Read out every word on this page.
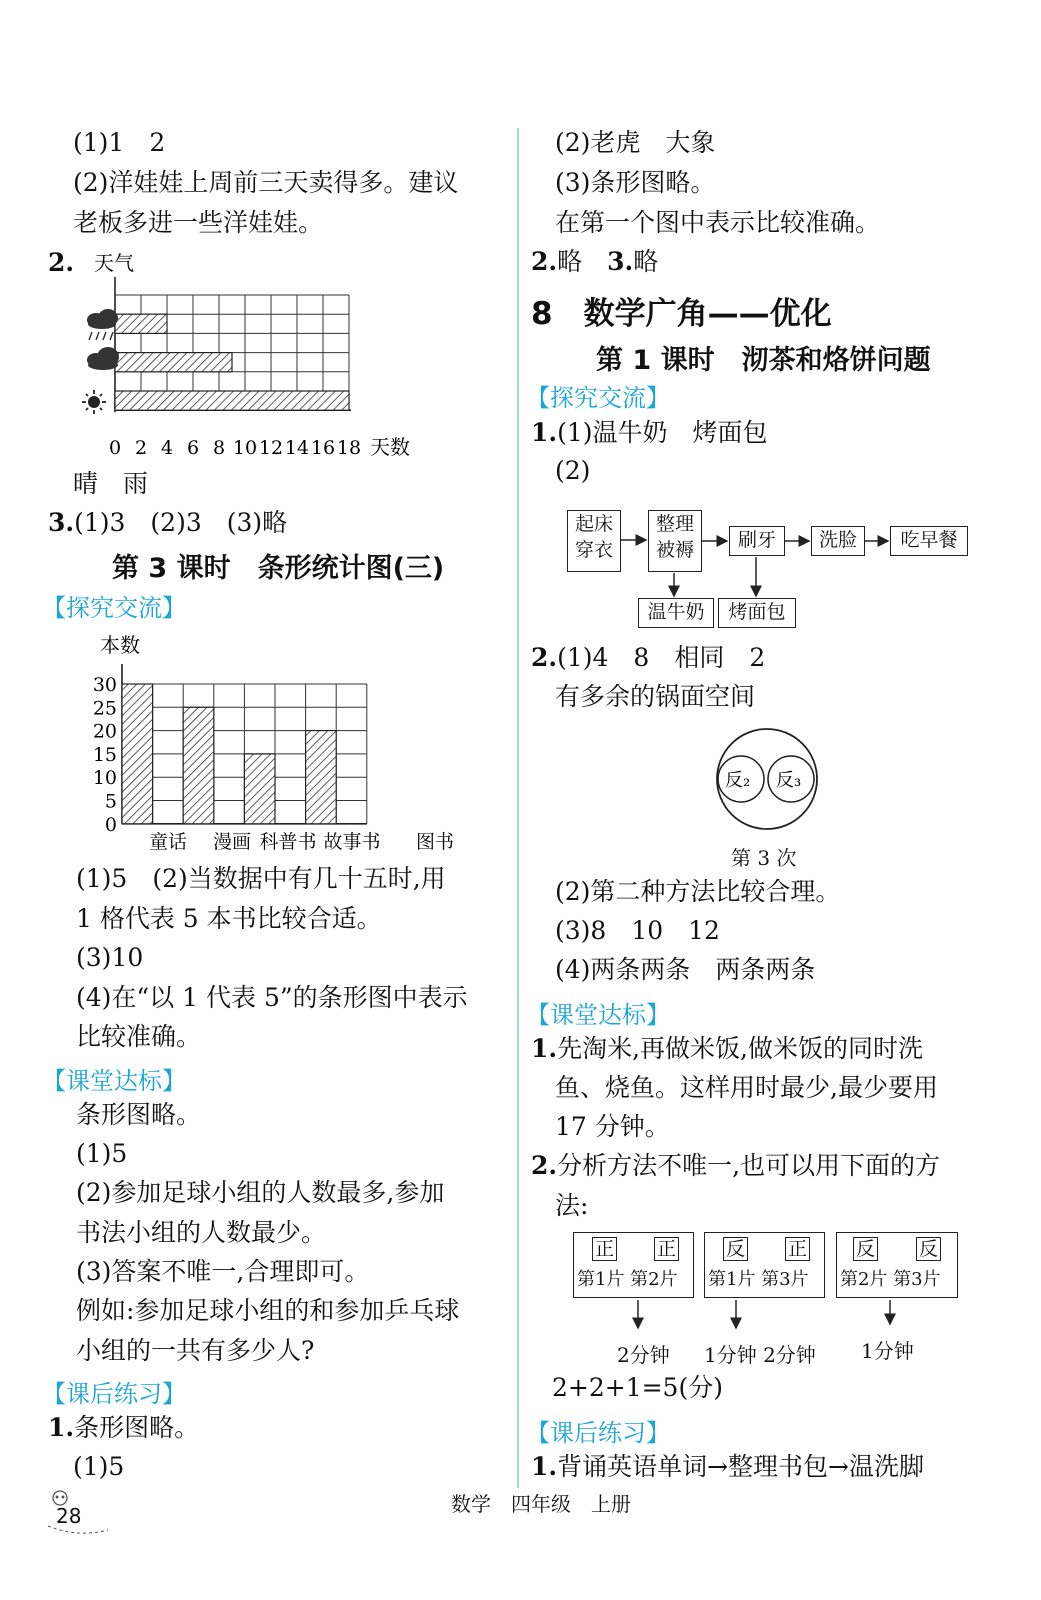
(1)1　2
(2)洋娃娃上周前三天卖得多。建议
老板多进一些洋娃娃。
2. 天气
0 2 4 6 8 10 12 14 16 18 天数
晴　雨
3.(1)3　(2)3　(3)略
第 3 课时　条形统计图(三)
【探究交流】
本数
30
25
20
15
10
5
0
童话 漫画 科普书 故事书 图书
(1)5　(2)当数据中有几十五时,用
1 格代表 5 本书比较合适。
(3)10
(4)在“以 1 代表 5”的条形图中表示
比较准确。
【课堂达标】
条形图略。
(1)5
(2)参加足球小组的人数最多,参加
书法小组的人数最少。
(3)答案不唯一,合理即可。
例如:参加足球小组的和参加乒乓球
小组的一共有多少人?
【课后练习】
1.条形图略。
(1)5
(2)老虎　大象
(3)条形图略。
在第一个图中表示比较准确。
2.略　 3.略
8　数学广角——优化
第 1 课时　沏茶和烙饼问题
【探究交流】
1.(1)温牛奶　烤面包
(2)
起床
穿衣
整理
被褥	刷牙	洗脸	吃早餐
温牛奶	烤面包
2.(1)4　8　相同　2
有多余的锅面空间
反₂ 反₃
第 3 次
(2)第二种方法比较合理。
(3)8　10　12
(4)两条两条　两条两条
【课堂达标】
1.先淘米,再做米饭,做米饭的同时洗
鱼、烧鱼。这样用时最少,最少要用
17 分钟。
2.分析方法不唯一,也可以用下面的方
法:
正 正
第1片 第2片
反 正
第1片 第3片
反 反
第2片 第3片
2分钟 1分钟 2分钟 1分钟
2+2+1=5(分)
【课后练习】
1.背诵英语单词→整理书包→温洗脚
28	数学　四年级　上册
